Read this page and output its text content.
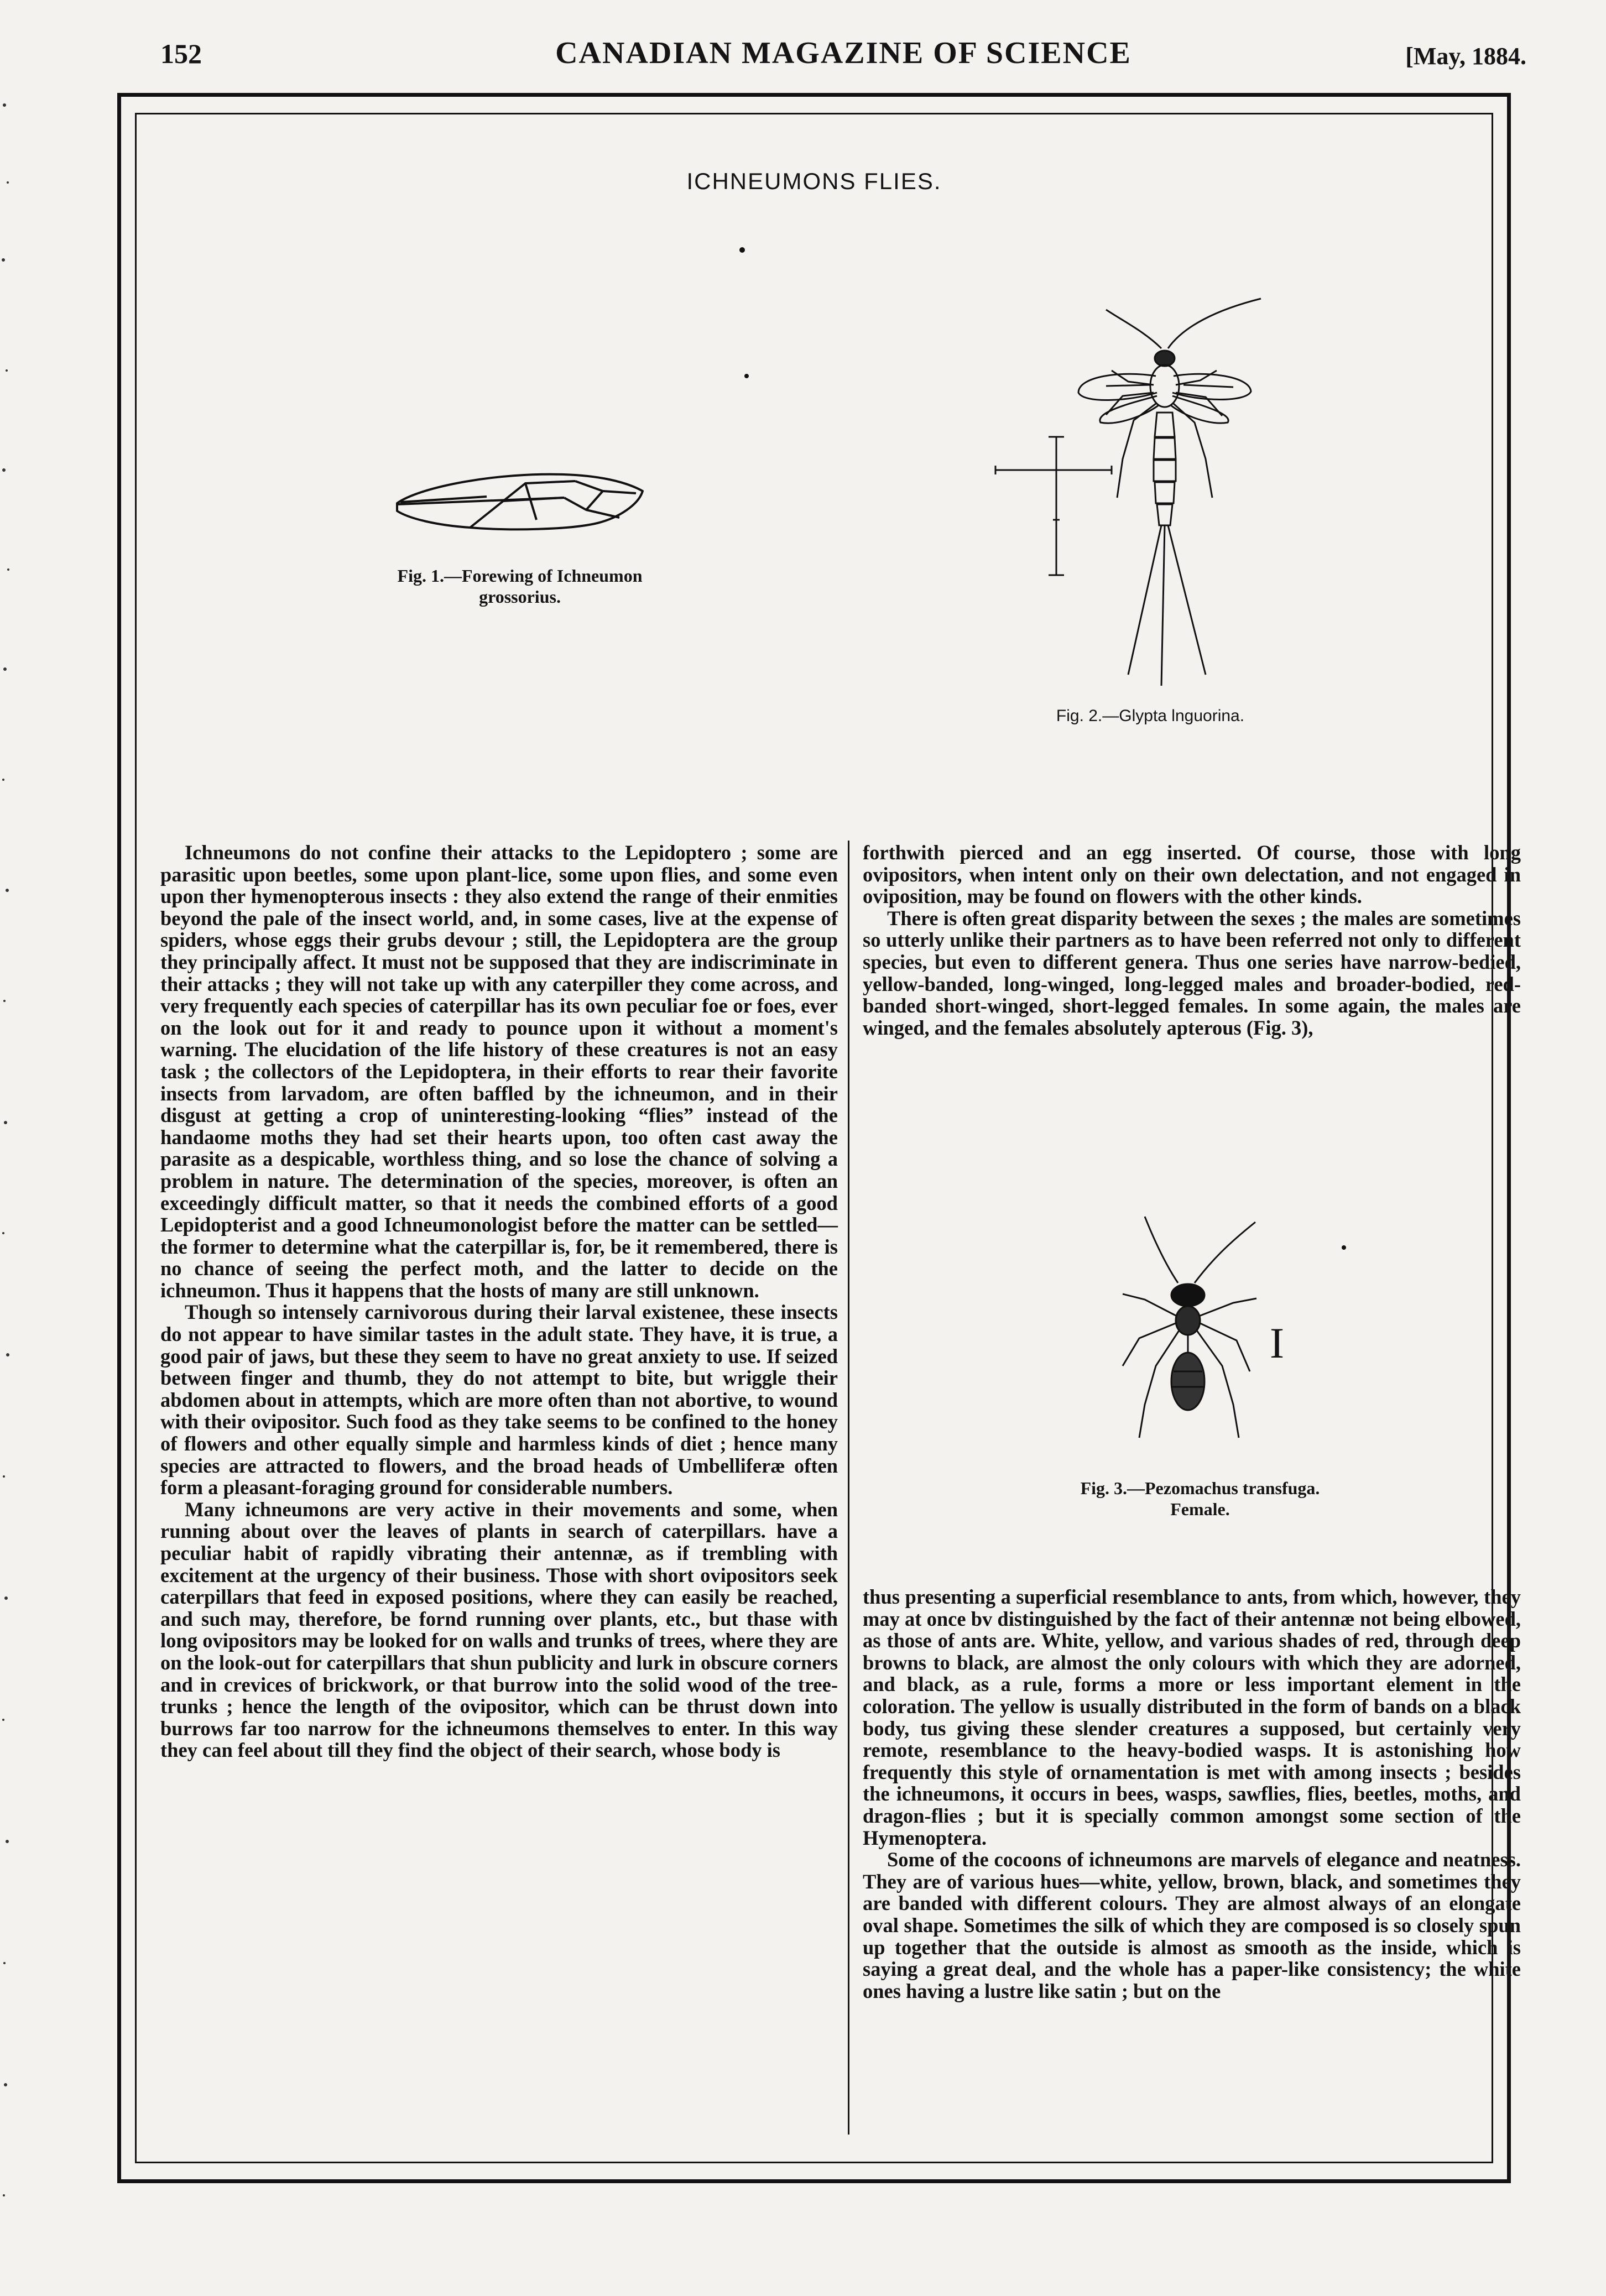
152	CANADIAN MAGAZINE OF SCIENCE	[May, 1884.
ICHNEUMONS FLIES.
Fig. 1.—Forewing of Ichneumon
grossorius.
Fig. 2.—Glypta lnguorina.

Ichneumons do not confine their attacks to the Lepidoptero ; some are parasitic upon beetles, some upon plant-lice, some upon flies, and some even upon ther hymenopterous insects : they also extend the range of their enmities beyond the pale of the insect world, and, in some cases, live at the expense of spiders, whose eggs their grubs devour ; still, the Lepidoptera are the group they principally affect. It must not be supposed that they are indiscriminate in their attacks ; they will not take up with any caterpiller they come across, and very frequently each species of caterpillar has its own peculiar foe or foes, ever on the look out for it and ready to pounce upon it without a moment's warning. The elucidation of the life history of these creatures is not an easy task ; the collectors of the Lepidoptera, in their efforts to rear their favorite insects from larvadom, are often baffled by the ichneumon, and in their disgust at getting a crop of uninteresting-looking “flies” instead of the handaome moths they had set their hearts upon, too often cast away the parasite as a despicable, worthless thing, and so lose the chance of solving a problem in nature. The determination of the species, moreover, is often an exceedingly difficult matter, so that it needs the combined efforts of a good Lepidopterist and a good Ichneumonologist before the matter can be settled—the former to determine what the caterpillar is, for, be it remembered, there is no chance of seeing the perfect moth, and the latter to decide on the ichneumon. Thus it happens that the hosts of many are still unknown.

Though so intensely carnivorous during their larval existenee, these insects do not appear to have similar tastes in the adult state. They have, it is true, a good pair of jaws, but these they seem to have no great anxiety to use. If seized between finger and thumb, they do not attempt to bite, but wriggle their abdomen about in attempts, which are more often than not abortive, to wound with their ovipositor. Such food as they take seems to be confined to the honey of flowers and other equally simple and harmless kinds of diet ; hence many species are attracted to flowers, and the broad heads of Umbelliferæ often form a pleasant-foraging ground for considerable numbers.

Many ichneumons are very active in their movements and some, when running about over the leaves of plants in search of caterpillars. have a peculiar habit of rapidly vibrating their antennæ, as if trembling with excitement at the urgency of their business. Those with short ovipositors seek caterpillars that feed in exposed positions, where they can easily be reached, and such may, therefore, be fornd running over plants, etc., but thase with long ovipositors may be looked for on walls and trunks of trees, where they are on the look-out for caterpillars that shun publicity and lurk in obscure corners and in crevices of brickwork, or that burrow into the solid wood of the tree-trunks ; hence the length of the ovipositor, which can be thrust down into burrows far too narrow for the ichneumons themselves to enter. In this way they can feel about till they find the object of their search, whose body is

forthwith pierced and an egg inserted. Of course, those with long ovipositors, when intent only on their own delectation, and not engaged in oviposition, may be found on flowers with the other kinds.

There is often great disparity between the sexes ; the males are sometimes so utterly unlike their partners as to have been referred not only to different species, but even to different genera. Thus one series have narrow-bedied, yellow-banded, long-winged, long-legged males and broader-bodied, red-banded short-winged, short-legged females. In some again, the males are winged, and the females absolutely apterous (Fig. 3),

I
Fig. 3.—Pezomachus transfuga.
Female.

thus presenting a superficial resemblance to ants, from which, however, they may at once bv distinguished by the fact of their antennæ not being elbowed, as those of ants are. White, yellow, and various shades of red, through deep browns to black, are almost the only colours with which they are adorned, and black, as a rule, forms a more or less important element in the coloration. The yellow is usually distributed in the form of bands on a black body, tus giving these slender creatures a supposed, but certainly very remote, resemblance to the heavy-bodied wasps. It is astonishing how frequently this style of ornamentation is met with among insects ; besides the ichneumons, it occurs in bees, wasps, sawflies, flies, beetles, moths, and dragon-flies ; but it is specially common amongst some section of the Hymenoptera.

Some of the cocoons of ichneumons are marvels of elegance and neatness. They are of various hues—white, yellow, brown, black, and sometimes they are banded with different colours. They are almost always of an elongate oval shape. Sometimes the silk of which they are composed is so closely spun up together that the outside is almost as smooth as the inside, which is saying a great deal, and the whole has a paper-like consistency; the white ones having a lustre like satin ; but on the
